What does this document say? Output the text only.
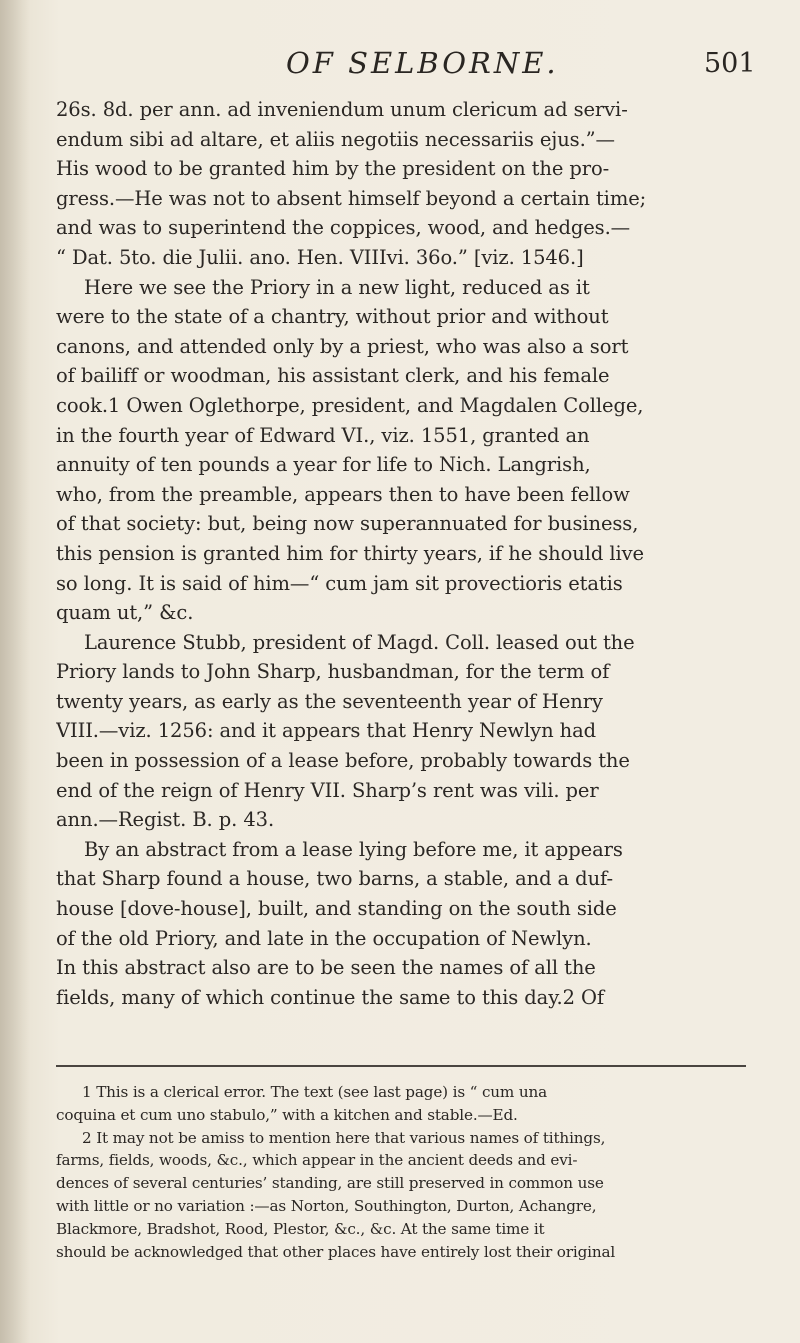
OF SELBORNE.	501
26s. 8d. per ann. ad inveniendum unum clericum ad servi-
endum sibi ad altare, et aliis negotiis necessariis ejus.”—
His wood to be granted him by the president on the pro-
gress.—He was not to absent himself beyond a certain time;
and was to superintend the coppices, wood, and hedges.—
“ Dat. 5to. die Julii. ano. Hen. VIIIvi. 36o.” [viz. 1546.]
Here we see the Priory in a new light, reduced as it
were to the state of a chantry, without prior and without
canons, and attended only by a priest, who was also a sort
of bailiff or woodman, his assistant clerk, and his female
cook.1 Owen Oglethorpe, president, and Magdalen College,
in the fourth year of Edward VI., viz. 1551, granted an
annuity of ten pounds a year for life to Nich. Langrish,
who, from the preamble, appears then to have been fellow
of that society: but, being now superannuated for business,
this pension is granted him for thirty years, if he should live
so long. It is said of him—“ cum jam sit provectioris etatis
quam ut,” &c.
Laurence Stubb, president of Magd. Coll. leased out the
Priory lands to John Sharp, husbandman, for the term of
twenty years, as early as the seventeenth year of Henry
VIII.—viz. 1256: and it appears that Henry Newlyn had
been in possession of a lease before, probably towards the
end of the reign of Henry VII. Sharp’s rent was vili. per
ann.—Regist. B. p. 43.
By an abstract from a lease lying before me, it appears
that Sharp found a house, two barns, a stable, and a duf-
house [dove-house], built, and standing on the south side
of the old Priory, and late in the occupation of Newlyn.
In this abstract also are to be seen the names of all the
fields, many of which continue the same to this day.2 Of
1 This is a clerical error. The text (see last page) is “ cum una
coquina et cum uno stabulo,” with a kitchen and stable.—Ed.
2 It may not be amiss to mention here that various names of tithings,
farms, fields, woods, &c., which appear in the ancient deeds and evi-
dences of several centuries’ standing, are still preserved in common use
with little or no variation :—as Norton, Southington, Durton, Achangre,
Blackmore, Bradshot, Rood, Plestor, &c., &c. At the same time it
should be acknowledged that other places have entirely lost their original
